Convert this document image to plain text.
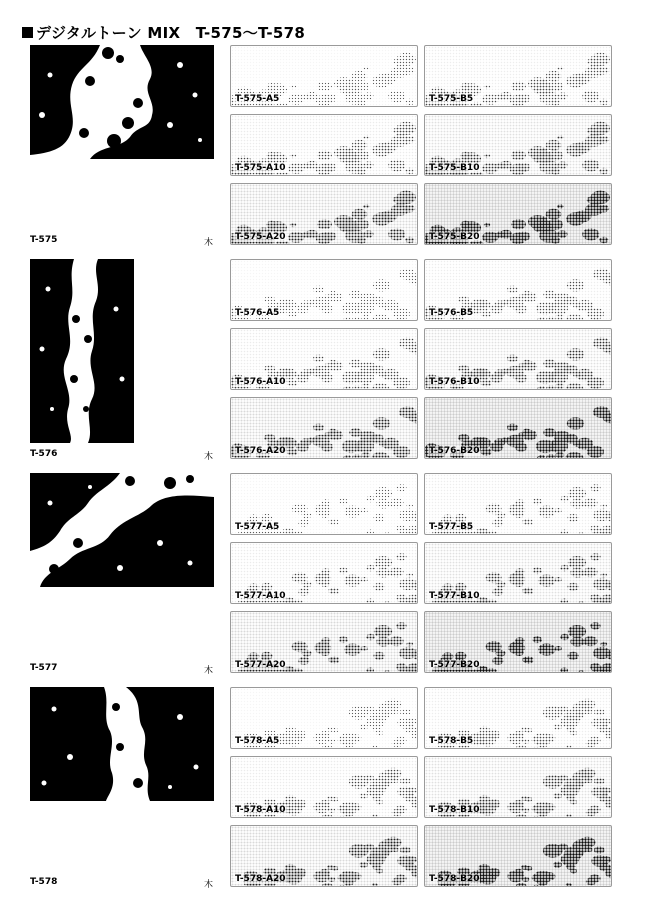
デジタルトーン MIX　T-575〜T-578
T-575	木
T-575-A5	T-575-B5
T-575-A10	T-575-B10
T-575-A20	T-575-B20
T-576	木
T-576-A5	T-576-B5
T-576-A10	T-576-B10
T-576-A20	T-576-B20
T-577	木
T-577-A5	T-577-B5
T-577-A10	T-577-B10
T-577-A20	T-577-B20
T-578	木
T-578-A5	T-578-B5
T-578-A10	T-578-B10
T-578-A20	T-578-B20
